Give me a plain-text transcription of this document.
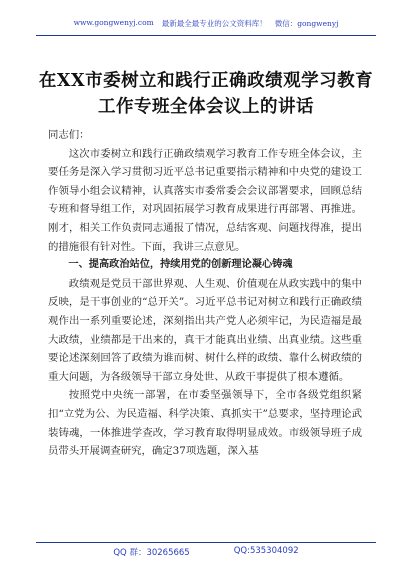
www.gongwenyj.com 最新最全最专业的公文资料库！ 微信：gongwenyj
在XX市委树立和践行正确政绩观学习教育工作专班全体会议上的讲话

同志们：

这次市委树立和践行正确政绩观学习教育工作专班全体会议，主要任务是深入学习贯彻习近平总书记重要指示精神和中央党的建设工作领导小组会议精神，认真落实市委常委会会议部署要求，回顾总结专班和督导组工作，对巩固拓展学习教育成果进行再部署、再推进。刚才，相关工作负责同志通报了情况，总结客观、问题找得准，提出的措施很有针对性。下面，我讲三点意见。

一、提高政治站位，持续用党的创新理论凝心铸魂

政绩观是党员干部世界观、人生观、价值观在从政实践中的集中反映，是干事创业的“总开关”。习近平总书记对树立和践行正确政绩观作出一系列重要论述，深刻指出共产党人必须牢记，为民造福是最大政绩，业绩都是干出来的，真干才能真出业绩、出真业绩。这些重要论述深刻回答了政绩为谁而树、树什么样的政绩、靠什么树政绩的重大问题，为各级领导干部立身处世、从政干事提供了根本遵循。

按照党中央统一部署，在市委坚强领导下，全市各级党组织紧扣“立党为公、为民造福、科学决策、真抓实干”总要求，坚持理论武装铸魂，一体推进学查改，学习教育取得明显成效。市级领导班子成员带头开展调查研究，确定37项选题，深入基

QQ 群：30265665	QQ:535304092
